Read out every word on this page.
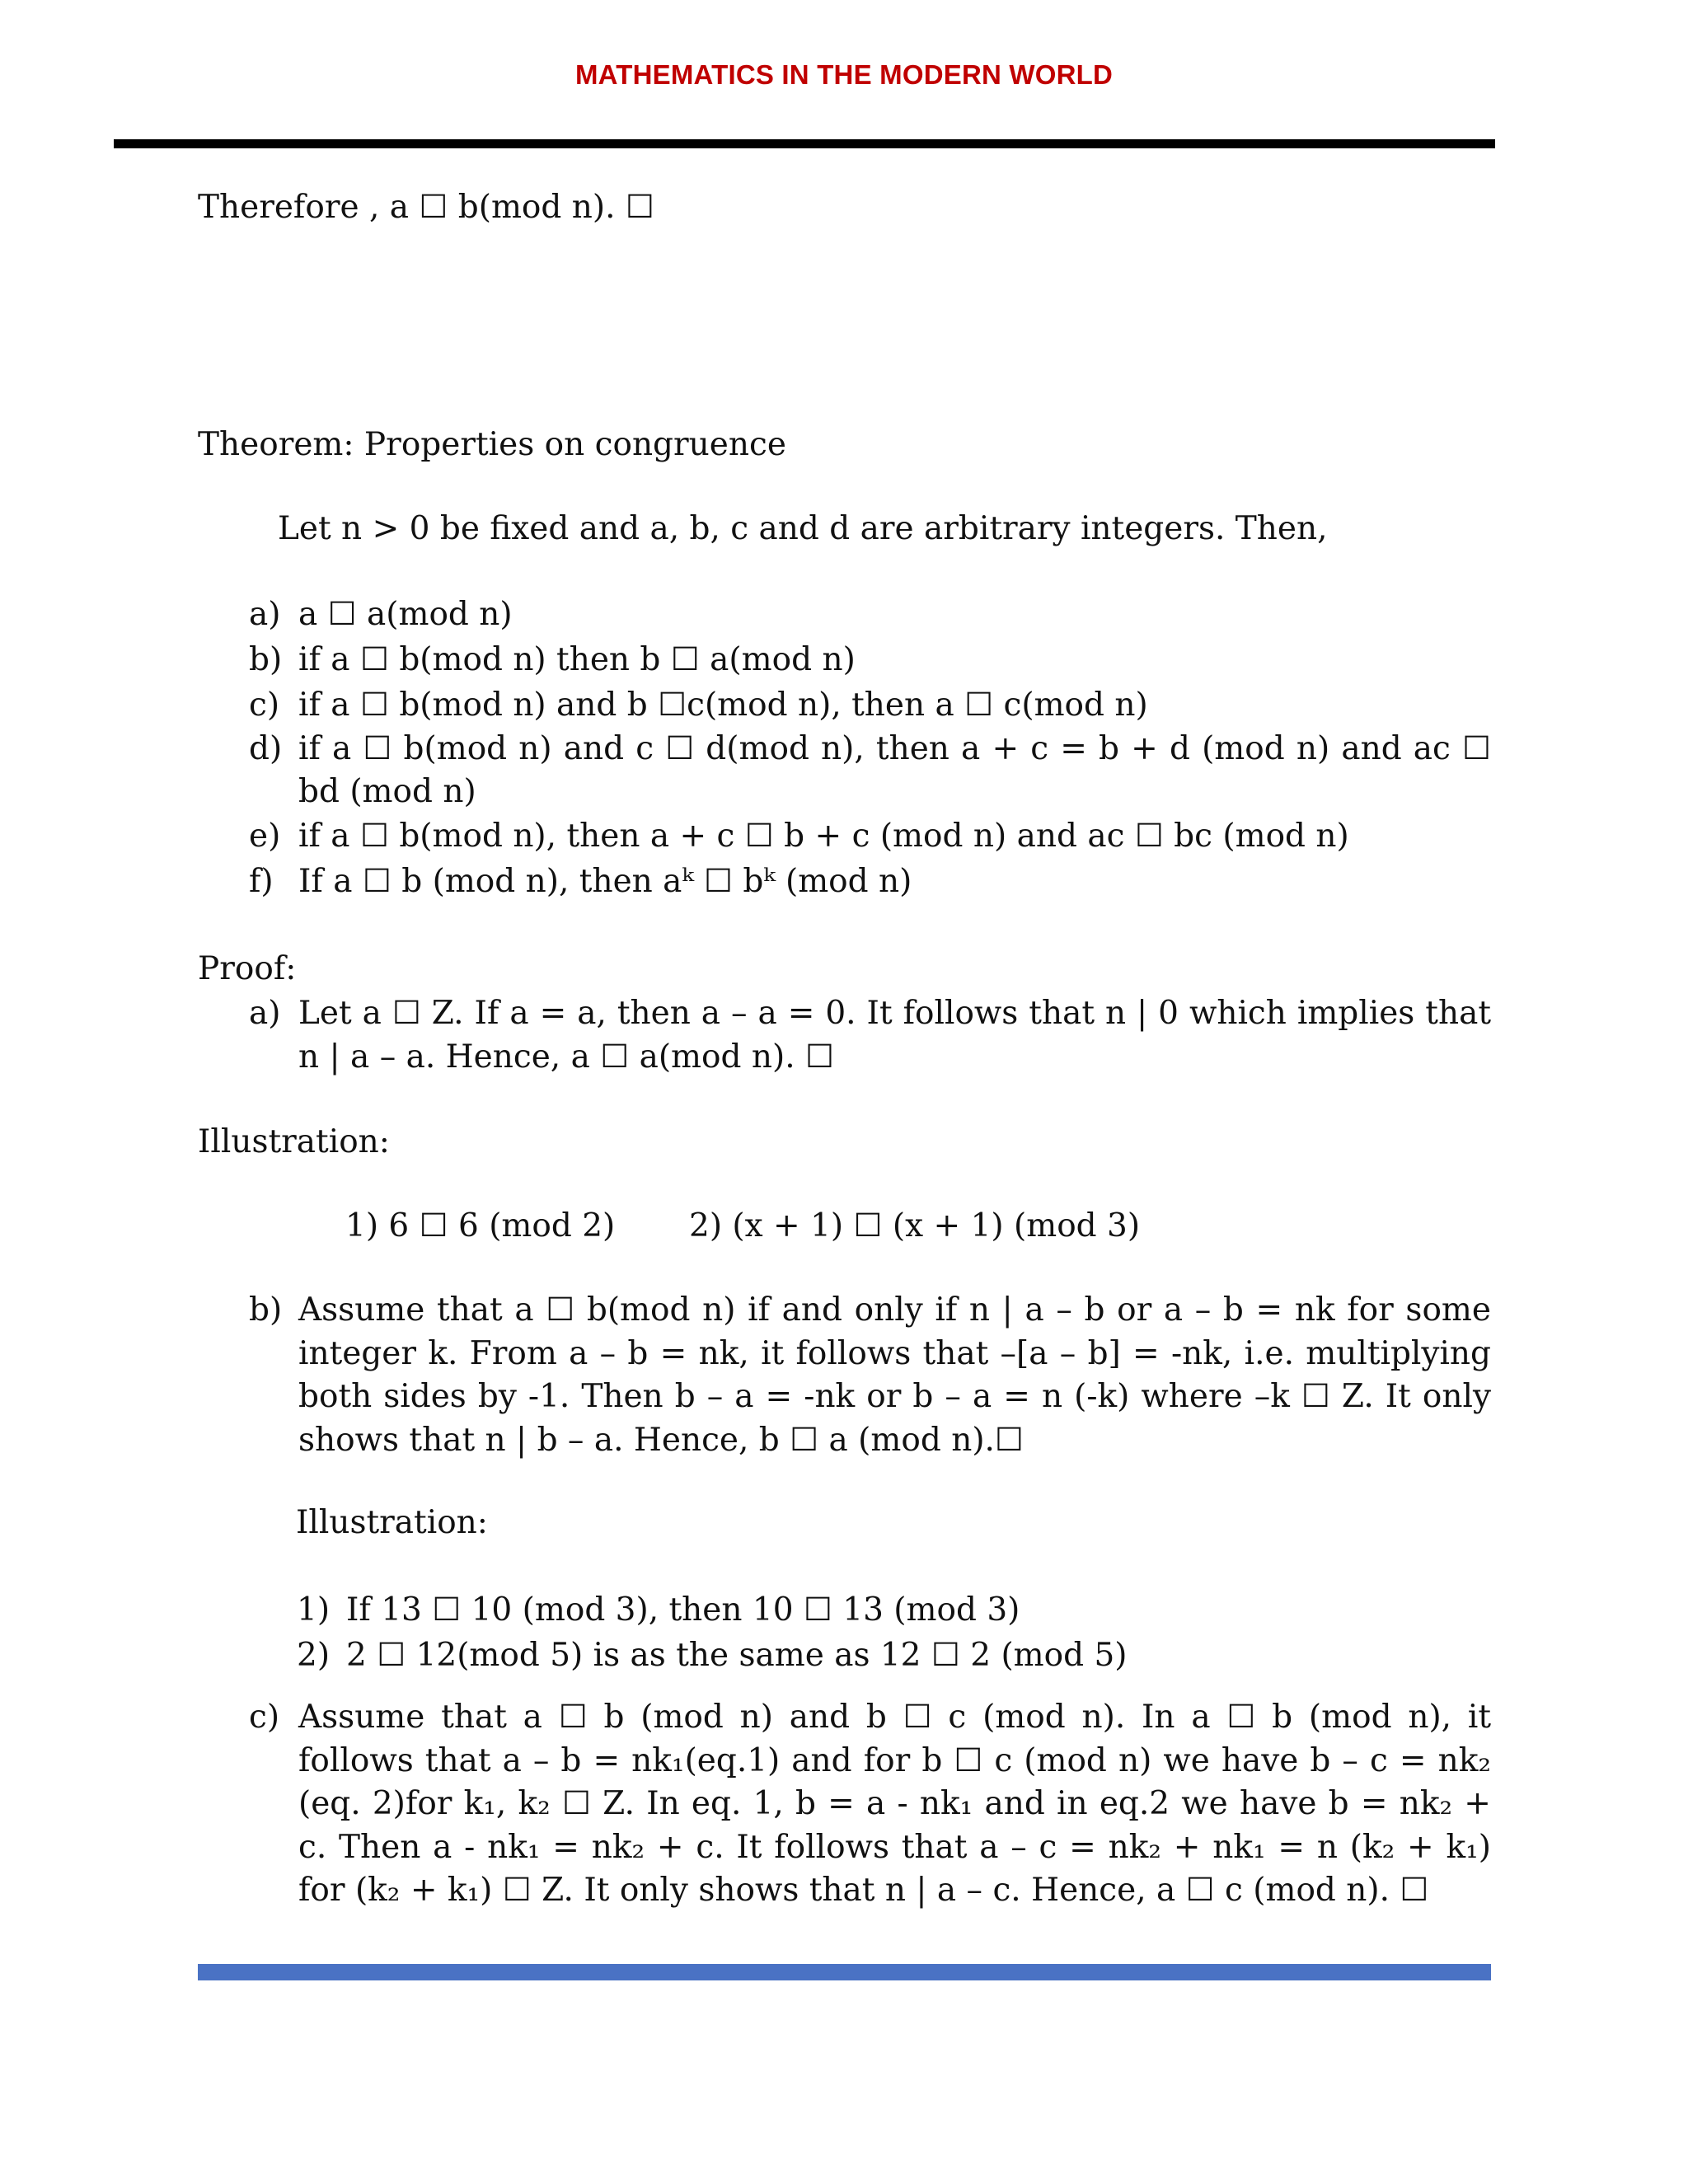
MATHEMATICS IN THE MODERN WORLD
Therefore , a ☐ b(mod n). ☐
Theorem: Properties on congruence
Let n > 0 be fixed and a, b, c and d are arbitrary integers. Then,
a) a ☐ a(mod n)
b) if a ☐ b(mod n) then b ☐ a(mod n)
c) if a ☐ b(mod n) and b ☐c(mod n), then a ☐ c(mod n)
d) if a ☐ b(mod n) and c ☐ d(mod n), then a + c = b + d (mod n) and ac ☐ bd (mod n)
e) if a ☐ b(mod n), then a + c ☐ b + c (mod n) and ac ☐ bc (mod n)
f) If a ☐ b (mod n), then aᵏ ☐ bᵏ (mod n)
Proof:
a) Let a ☐ Z. If a = a, then a – a = 0. It follows that n | 0 which implies that n | a – a. Hence, a ☐ a(mod n). ☐
Illustration:
1) 6 ☐ 6 (mod 2) 2) (x + 1) ☐ (x + 1) (mod 3)
b) Assume that a ☐ b(mod n) if and only if n | a – b or a – b = nk for some integer k. From a – b = nk, it follows that –[a – b] = -nk, i.e. multiplying both sides by -1. Then b – a = -nk or b – a = n (-k) where –k ☐ Z. It only shows that n | b – a. Hence, b ☐ a (mod n).☐
Illustration:
1) If 13 ☐ 10 (mod 3), then 10 ☐ 13 (mod 3)
2) 2 ☐ 12(mod 5) is as the same as 12 ☐ 2 (mod 5)
c) Assume that a ☐ b (mod n) and b ☐ c (mod n). In a ☐ b (mod n), it follows that a – b = nk₁(eq.1) and for b ☐ c (mod n) we have b – c = nk₂ (eq. 2)for k₁, k₂ ☐ Z. In eq. 1, b = a - nk₁ and in eq.2 we have b = nk₂ + c. Then a - nk₁ = nk₂ + c. It follows that a – c = nk₂ + nk₁ = n (k₂ + k₁) for (k₂ + k₁) ☐ Z. It only shows that n | a – c. Hence, a ☐ c (mod n). ☐
